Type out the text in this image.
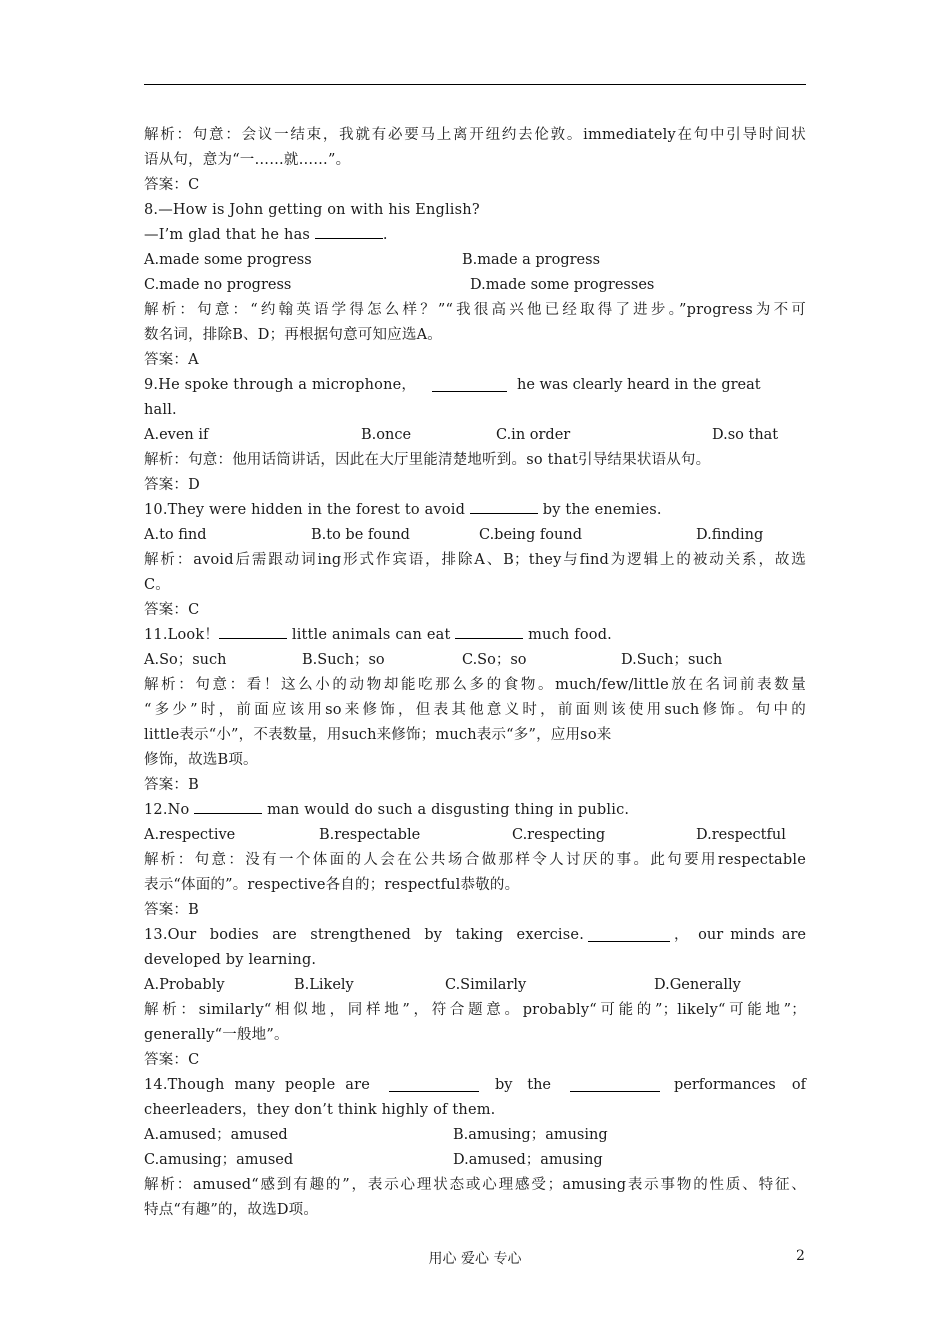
解析：句意：会议一结束，我就有必要马上离开纽约去伦敦。immediately在句中引导时间状
语从句，意为“一……就……”。
答案：C
8.—How is John getting on with his English?
—I’m glad that he has	.
A.made some progress	B.made a progress
C.made no progress	D.made some progresses
解析：句意：“约翰英语学得怎么样？”“我很高兴他已经取得了进步。”progress为不可
数名词，排除B、D；再根据句意可知应选A。
答案：A
9.He spoke through a microphone，	he was clearly heard in the great
hall.
A.even if	B.once	C.in order	D.so that
解析：句意：他用话筒讲话，因此在大厅里能清楚地听到。so that引导结果状语从句。
答案：D
10.They were hidden in the forest to avoid	by the enemies.
A.to find	B.to be found	C.being found	D.finding
解析：avoid后需跟动词ing形式作宾语，排除A、B；they与find为逻辑上的被动关系，故选
C。
答案：C
11.Look！	little animals can eat	much food.
A.So；such	B.Such；so	C.So；so	D.Such；such
解析：句意：看！这么小的动物却能吃那么多的食物。much/few/little放在名词前表数量
“多少”时，前面应该用so来修饰，但表其他意义时，前面则该使用such修饰。句中的
little表示“小”，不表数量，用such来修饰；much表示“多”，应用so来
修饰，故选B项。
答案：B
12.No	man would do such a disgusting thing in public.
A.respective	B.respectable	C.respecting	D.respectful
解析：句意：没有一个体面的人会在公共场合做那样令人讨厌的事。此句要用respectable
表示“体面的”。respective各自的；respectful恭敬的。
答案：B
13.Our bodies are strengthened by taking exercise.	， our minds are
developed by learning.
A.Probably	B.Likely	C.Similarly	D.Generally
解析：similarly“相似地，同样地”，符合题意。probably“可能的”；likely“可能地”；
generally“一般地”。
答案：C
14.Though many people are	by the	performances of
cheerleaders，they don’t think highly of them.
A.amused；amused	B.amusing；amusing
C.amusing；amused	D.amused；amusing
解析：amused“感到有趣的”，表示心理状态或心理感受；amusing表示事物的性质、特征、
特点“有趣”的，故选D项。
用心 爱心 专心	2
